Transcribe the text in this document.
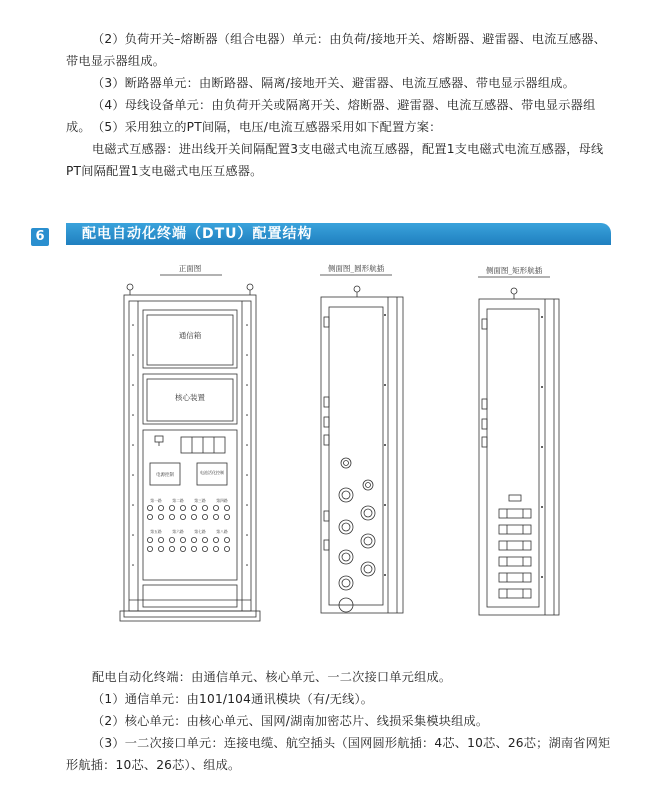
（2）负荷开关–熔断器（组合电器）单元：由负荷/接地开关、熔断器、避雷器、电流互感器、带电显示器组成。
（3）断路器单元：由断路器、隔离/接地开关、避雷器、电流互感器、带电显示器组成。
（4）母线设备单元：由负荷开关或隔离开关、熔断器、避雷器、电流互感器、带电显示器组成。 （5）采用独立的PT间隔，电压/电流互感器采用如下配置方案：
电磁式互感器：进出线开关间隔配置3支电磁式电流互感器，配置1支电磁式电流互感器，母线PT间隔配置1支电磁式电压互感器。
6	配电自动化终端（DTU）配置结构
正面图
通信箱
核心装置
电源控制
电池活化控制
第一路	第二路	第三路	第四路
第五路	第六路	第七路	第八路
侧面图_圆形航插	侧面图_矩形航插
配电自动化终端：由通信单元、核心单元、一二次接口单元组成。
（1）通信单元：由101/104通讯模块（有/无线）。
（2）核心单元：由核心单元、国网/湖南加密芯片、线损采集模块组成。
（3）一二次接口单元：连接电缆、航空插头（国网圆形航插：4芯、10芯、26芯；湖南省网矩形航插：10芯、26芯）、组成。
